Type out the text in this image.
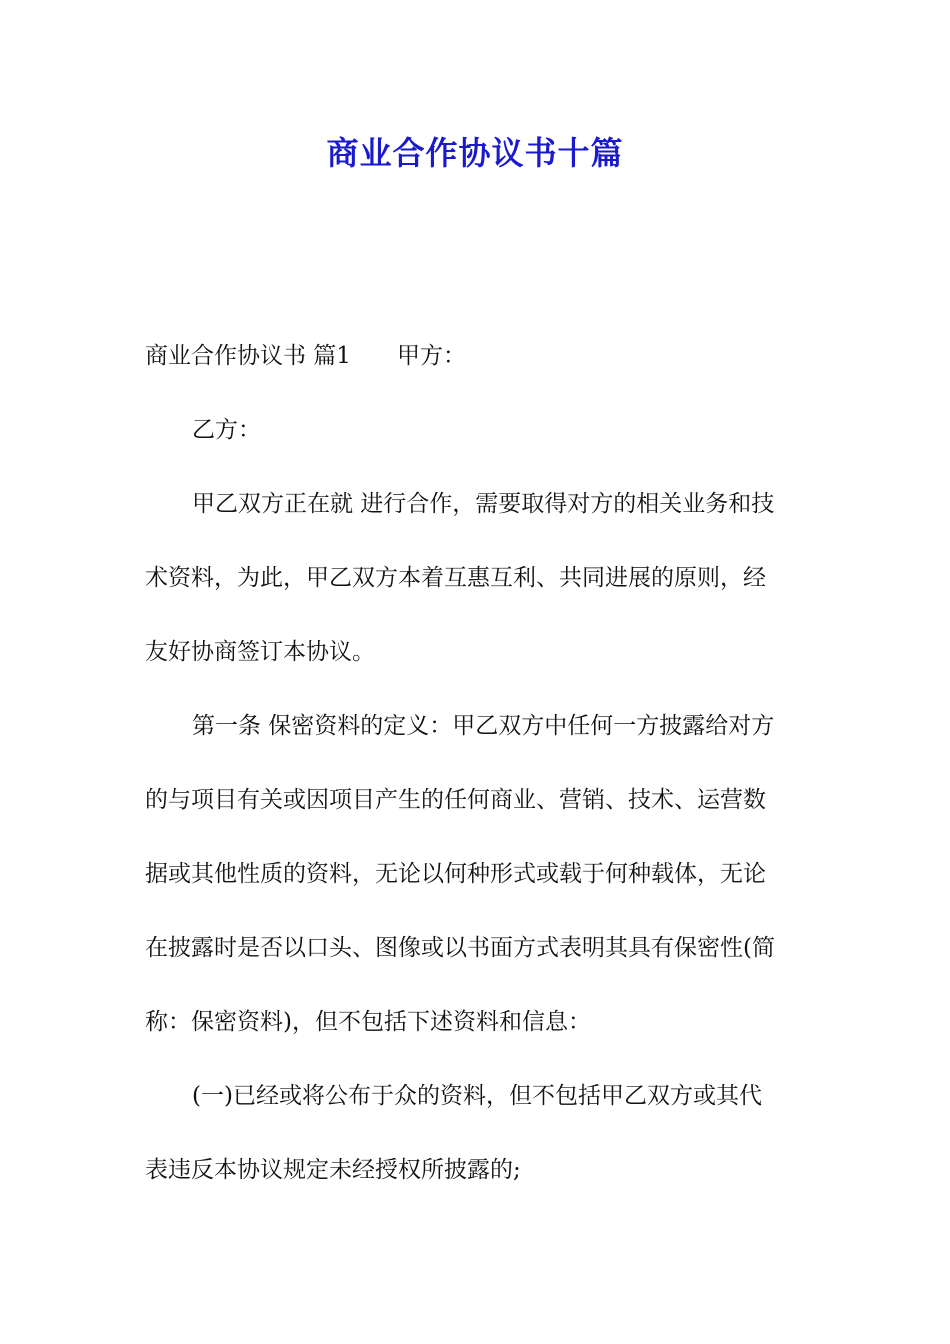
商业合作协议书十篇

商业合作协议书 篇1 甲方：

乙方：

甲乙双方正在就 进行合作，需要取得对方的相关业务和技
术资料，为此，甲乙双方本着互惠互利、共同进展的原则，经
友好协商签订本协议。

第一条 保密资料的定义：甲乙双方中任何一方披露给对方
的与项目有关或因项目产生的任何商业、营销、技术、运营数
据或其他性质的资料，无论以何种形式或载于何种载体，无论
在披露时是否以口头、图像或以书面方式表明其具有保密性(简
称：保密资料)，但不包括下述资料和信息：

(一)已经或将公布于众的资料，但不包括甲乙双方或其代
表违反本协议规定未经授权所披露的;
